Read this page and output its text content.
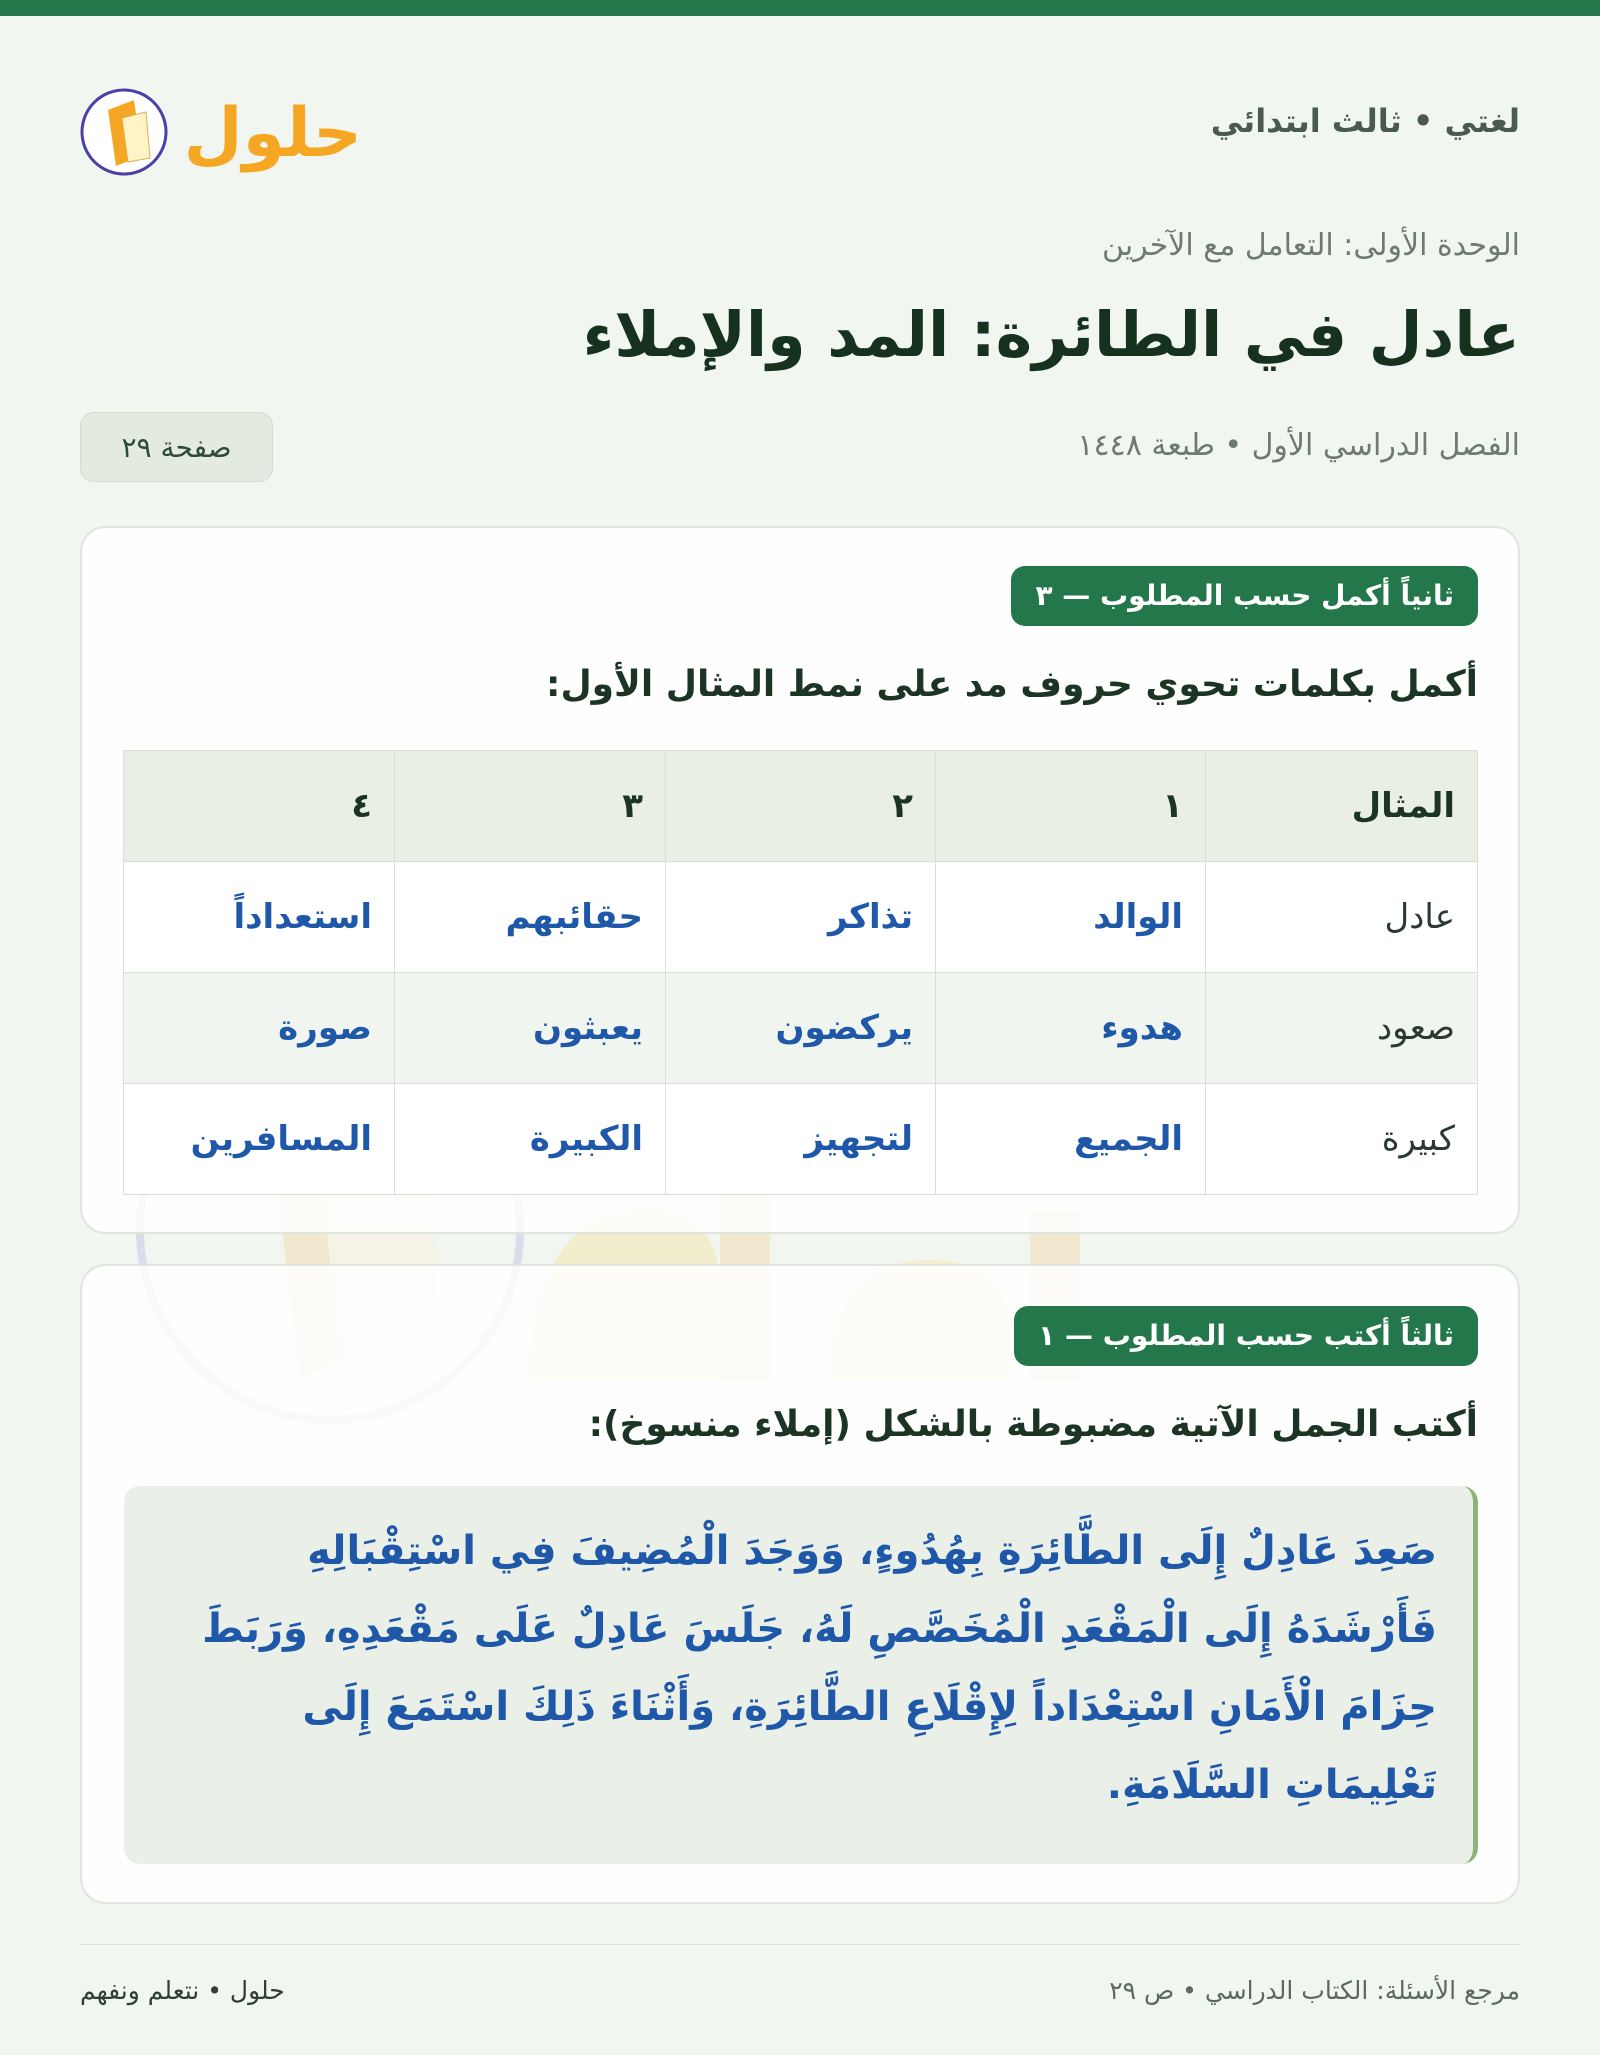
لغتي • ثالث ابتدائي
حلول
الوحدة الأولى: التعامل مع الآخرين
عادل في الطائرة: المد والإملاء
الفصل الدراسي الأول • طبعة ١٤٤٨
صفحة ٢٩
ثانياً أكمل حسب المطلوب — ٣
أكمل بكلمات تحوي حروف مد على نمط المثال الأول:
المثال	١	٢	٣	٤
عادل	الوالد	تذاكر	حقائبهم	استعداداً
صعود	هدوء	يركضون	يعبثون	صورة
كبيرة	الجميع	لتجهيز	الكبيرة	المسافرين
ثالثاً أكتب حسب المطلوب — ١
أكتب الجمل الآتية مضبوطة بالشكل (إملاء منسوخ):

صَعِدَ عَادِلٌ إِلَى الطَّائِرَةِ بِهُدُوءٍ، وَوَجَدَ الْمُضِيفَ فِي اسْتِقْبَالِهِ فَأَرْشَدَهُ إِلَى الْمَقْعَدِ الْمُخَصَّصِ لَهُ، جَلَسَ عَادِلٌ عَلَى مَقْعَدِهِ، وَرَبَطَ حِزَامَ الْأَمَانِ اسْتِعْدَاداً لِإِقْلَاعِ الطَّائِرَةِ، وَأَثْنَاءَ ذَلِكَ اسْتَمَعَ إِلَى تَعْلِيمَاتِ السَّلَامَةِ.

مرجع الأسئلة: الكتاب الدراسي • ص ٢٩
حلول • نتعلم ونفهم
